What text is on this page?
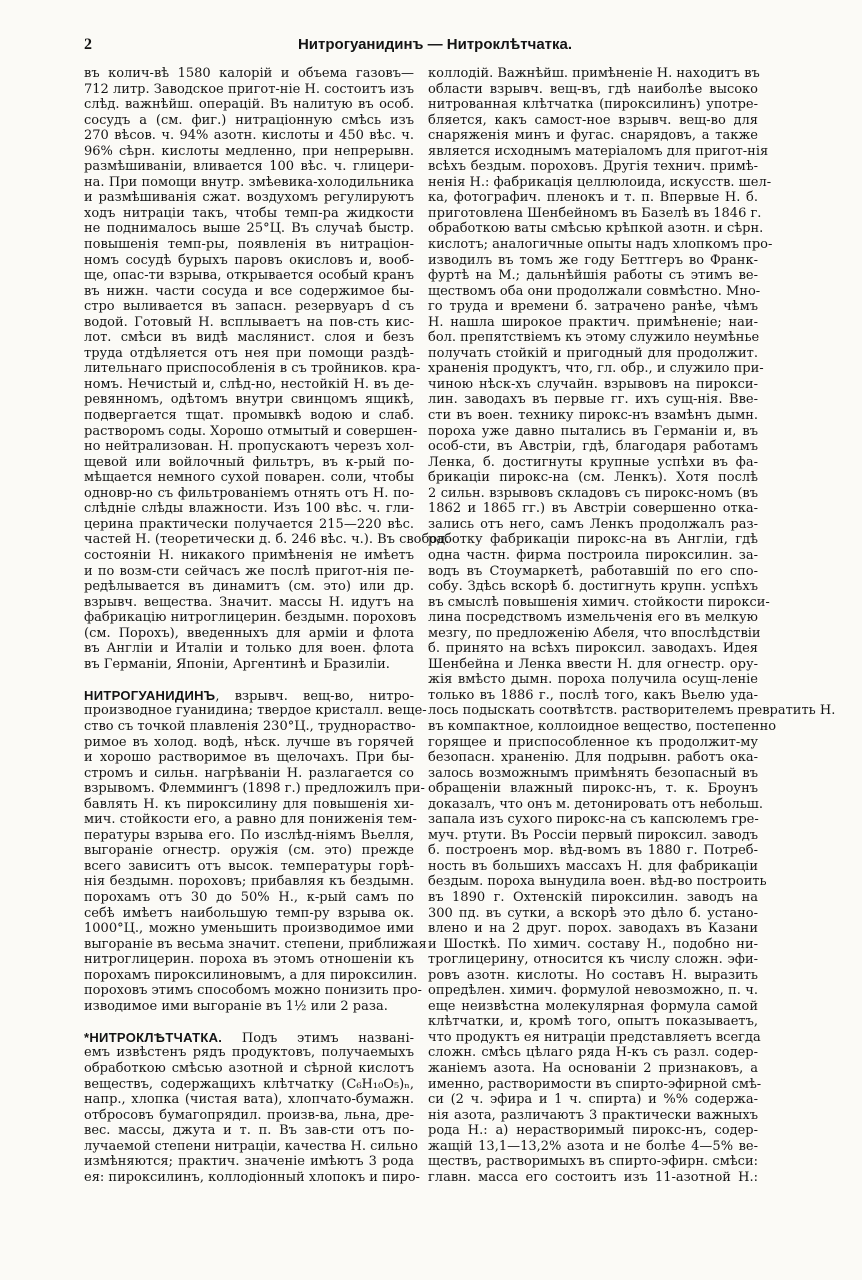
2	Нитрогуанидинъ — Нитроклѣтчатка.
въ колич-вѣ 1580 калорій и объема газовъ—
712 литр. Заводское пригот-ніе Н. состоитъ изъ
слѣд. важнѣйш. операцій. Въ налитую въ особ.
сосудъ a (см. фиг.) нитраціонную смѣсь изъ
270 вѣсов. ч. 94% азотн. кислоты и 450 вѣс. ч.
96% сѣрн. кислоты медленно, при непрерывн.
размѣшиваніи, вливается 100 вѣс. ч. глицери-
на. При помощи внутр. змѣевика-холодильника
и размѣшиванія сжат. воздухомъ регулируютъ
ходъ нитраціи такъ, чтобы темп-ра жидкости
не поднималось выше 25°Ц. Въ случаѣ быстр.
повышенія темп-ры, появленія въ нитраціон-
номъ сосудѣ бурыхъ паровъ окисловъ и, вооб-
ще, опас-ти взрыва, открывается особый кранъ
въ нижн. части сосуда и все содержимое бы-
стро выливается въ запасн. резервуаръ d съ
водой. Готовый Н. всплываетъ на пов-сть кис-
лот. смѣси въ видѣ маслянист. слоя и безъ
труда отдѣляется отъ нея при помощи раздѣ-
лительнаго приспособленія в съ тройников. кра-
номъ. Нечистый и, слѣд-но, нестойкій Н. въ де-
ревянномъ, одѣтомъ внутри свинцомъ ящикѣ,
подвергается тщат. промывкѣ водою и слаб.
растворомъ соды. Хорошо отмытый и совершен-
но нейтрализован. Н. пропускаютъ черезъ хол-
щевой или войлочный фильтръ, въ к-рый по-
мѣщается немного сухой поварен. соли, чтобы
одновр-но съ фильтрованіемъ отнять отъ Н. по-
слѣдніе слѣды влажности. Изъ 100 вѣс. ч. гли-
церина практически получается 215—220 вѣс.
частей Н. (теоретически д. б. 246 вѣс. ч.). Въ свобод.
состояніи Н. никакого примѣненія не имѣетъ
и по возм-сти сейчасъ же послѣ пригот-нія пе-
редѣлывается въ динамитъ (см. это) или др.
взрывч. вещества. Значит. массы Н. идутъ на
фабрикацію нитроглицерин. бездымн. пороховъ
(см. Порохъ), введенныхъ для арміи и флота
въ Англіи и Италіи и только для воен. флота
въ Германіи, Японіи, Аргентинѣ и Бразиліи.
НИТРОГУАНИДИНЪ, взрывч. вещ-во, нитро-
производное гуанидина; твердое кристалл. веще-
ство съ точкой плавленія 230°Ц., труднораство-
римое въ холод. водѣ, нѣск. лучше въ горячей
и хорошо растворимое въ щелочахъ. При бы-
стромъ и сильн. нагрѣваніи Н. разлагается со
взрывомъ. Флеммингъ (1898 г.) предложилъ при-
бавлять Н. къ пироксилину для повышенія хи-
мич. стойкости его, а равно для пониженія тем-
пературы взрыва его. По изслѣд-ніямъ Вьелля,
выгораніе огнестр. оружія (см. это) прежде
всего зависитъ отъ высок. температуры горѣ-
нія бездымн. пороховъ; прибавляя къ бездымн.
порохамъ отъ 30 до 50% Н., к-рый самъ по
себѣ имѣетъ наибольшую темп-ру взрыва ок.
1000°Ц., можно уменьшить производимое ими
выгораніе въ весьма значит. степени, приближая
нитроглицерин. пороха въ этомъ отношеніи къ
порохамъ пироксилиновымъ, а для пироксилин.
пороховъ этимъ способомъ можно понизить про-
изводимое ими выгораніе въ 1½ или 2 раза.
*НИТРОКЛѢТЧАТКА. Подъ этимъ названі-
емъ извѣстенъ рядъ продуктовъ, получаемыхъ
обработкою смѣсью азотной и сѣрной кислотъ
веществъ, содержащихъ клѣтчатку (C₆H₁₀O₅)ₙ,
напр., хлопка (чистая вата), хлопчато-бумажн.
отбросовъ бумагопрядил. произв-ва, льна, дре-
вес. массы, джута и т. п. Въ зав-сти отъ по-
лучаемой степени нитраціи, качества Н. сильно
измѣняются; практич. значеніе имѣютъ 3 рода
ея: пироксилинъ, коллодіонный хлопокъ и пиро-
коллодій. Важнѣйш. примѣненіе Н. находитъ въ
области взрывч. вещ-въ, гдѣ наиболѣе высоко
нитрованная клѣтчатка (пироксилинъ) употре-
бляется, какъ самост-ное взрывч. вещ-во для
снаряженія минъ и фугас. снарядовъ, а также
является исходнымъ матеріаломъ для пригот-нія
всѣхъ бездым. пороховъ. Другія технич. примѣ-
ненія Н.: фабрикація целлюлоида, искусств. шел-
ка, фотографич. пленокъ и т. п. Впервые Н. б.
приготовлена Шенбейномъ въ Базелѣ въ 1846 г.
обработкою ваты смѣсью крѣпкой азотн. и сѣрн.
кислотъ; аналогичные опыты надъ хлопкомъ про-
изводилъ въ томъ же году Беттгеръ во Франк-
фуртѣ на М.; дальнѣйшія работы съ этимъ ве-
ществомъ оба они продолжали совмѣстно. Мно-
го труда и времени б. затрачено ранѣе, чѣмъ
Н. нашла широкое практич. примѣненіе; наи-
бол. препятствіемъ къ этому служило неумѣнье
получать стойкій и пригодный для продолжит.
храненія продуктъ, что, гл. обр., и служило при-
чиною нѣск-хъ случайн. взрывовъ на пирокси-
лин. заводахъ въ первые гг. ихъ сущ-нія. Вве-
сти въ воен. технику пирокс-нъ взамѣнъ дымн.
пороха уже давно пытались въ Германіи и, въ
особ-сти, въ Австріи, гдѣ, благодаря работамъ
Ленка, б. достигнуты крупные успѣхи въ фа-
брикаціи пирокс-на (см. Ленкъ). Хотя послѣ
2 сильн. взрывовъ складовъ съ пирокс-номъ (въ
1862 и 1865 гг.) въ Австріи совершенно отка-
зались отъ него, самъ Ленкъ продолжалъ раз-
работку фабрикаціи пирокс-на въ Англіи, гдѣ
одна частн. фирма построила пироксилин. за-
водъ въ Стоумаркетѣ, работавшій по его спо-
собу. Здѣсь вскорѣ б. достигнуть крупн. успѣхъ
въ смыслѣ повышенія химич. стойкости пирокси-
лина посредствомъ измельченія его въ мелкую
мезгу, по предложенію Абеля, что впослѣдствіи
б. принято на всѣхъ пироксил. заводахъ. Идея
Шенбейна и Ленка ввести Н. для огнестр. ору-
жія вмѣсто дымн. пороха получила осущ-леніе
только въ 1886 г., послѣ того, какъ Вьелю уда-
лось подыскать соотвѣтств. растворителемъ превратить Н.
въ компактное, коллоидное вещество, постепенно
горящее и приспособленное къ продолжит-му
безопасн. храненію. Для подрывн. работъ ока-
залось возможнымъ примѣнять безопасный въ
обращеніи влажный пирокс-нъ, т. к. Броунъ
доказалъ, что онъ м. детонировать отъ небольш.
запала изъ сухого пирокс-на съ капсюлемъ гре-
муч. ртути. Въ Россіи первый пироксил. заводъ
б. построенъ мор. вѣд-вомъ въ 1880 г. Потреб-
ность въ большихъ массахъ Н. для фабрикаціи
бездым. пороха вынудила воен. вѣд-во построить
въ 1890 г. Охтенскій пироксилин. заводъ на
300 пд. въ сутки, а вскорѣ это дѣло б. устано-
влено и на 2 друг. порох. заводахъ въ Казани
и Шосткѣ. По химич. составу Н., подобно ни-
троглицерину, относится къ числу сложн. эфи-
ровъ азотн. кислоты. Но составъ Н. выразить
опредѣлен. химич. формулой невозможно, п. ч.
еще неизвѣстна молекулярная формула самой
клѣтчатки, и, кромѣ того, опытъ показываетъ,
что продуктъ ея нитраціи представляетъ всегда
сложн. смѣсь цѣлаго ряда Н-къ съ разл. содер-
жаніемъ азота. На основаніи 2 признаковъ, а
именно, растворимости въ спирто-эфирной смѣ-
си (2 ч. эфира и 1 ч. спирта) и %% содержа-
нія азота, различаютъ 3 практически важныхъ
рода Н.: а) нерастворимый пирокс-нъ, содер-
жащій 13,1—13,2% азота и не болѣе 4—5% ве-
ществъ, растворимыхъ въ спирто-эфирн. смѣси:
главн. масса его состоитъ изъ 11-азотной Н.:
